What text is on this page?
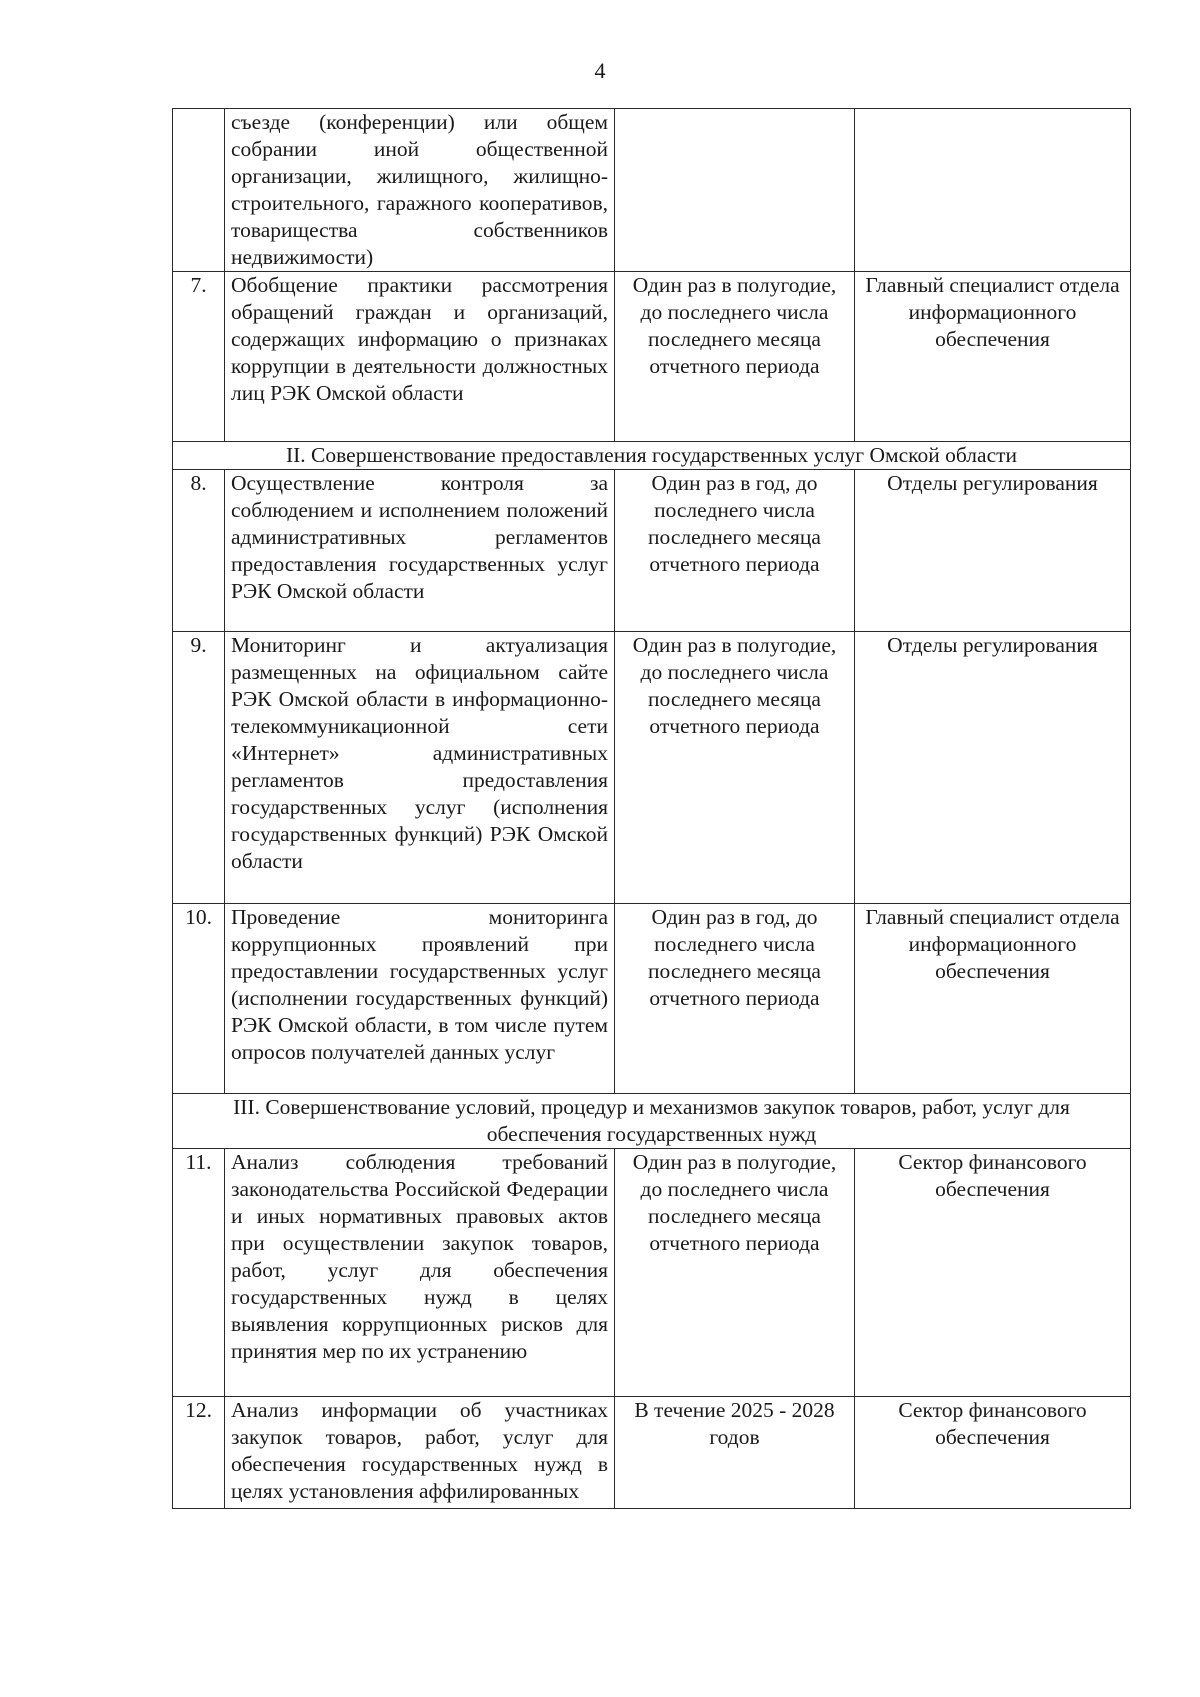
4
	съезде (конференции) или общем собрании иной общественной организации, жилищного, жилищно-строительного, гаражного кооперативов, товарищества собственников недвижимости)		
7.	Обобщение практики рассмотрения обращений граждан и организаций, содержащих информацию о признаках коррупции в деятельности должностных лиц РЭК Омской области	Один раз в полугодие, до последнего числа последнего месяца отчетного периода	Главный специалист отдела информационного обеспечения
II. Совершенствование предоставления государственных услуг Омской области			
8.	Осуществление контроля за соблюдением и исполнением положений административных регламентов предоставления государственных услуг РЭК Омской области	Один раз в год, до последнего числа последнего месяца отчетного периода	Отделы регулирования
9.	Мониторинг и актуализация размещенных на официальном сайте РЭК Омской области в информационно-телекоммуникационной сети «Интернет» административных регламентов предоставления государственных услуг (исполнения государственных функций) РЭК Омской области	Один раз в полугодие, до последнего числа последнего месяца отчетного периода	Отделы регулирования
10.	Проведение мониторинга коррупционных проявлений при предоставлении государственных услуг (исполнении государственных функций) РЭК Омской области, в том числе путем опросов получателей данных услуг	Один раз в год, до последнего числа последнего месяца отчетного периода	Главный специалист отдела информационного обеспечения
III. Совершенствование условий, процедур и механизмов закупок товаров, работ, услуг для обеспечения государственных нужд			
11.	Анализ соблюдения требований законодательства Российской Федерации и иных нормативных правовых актов при осуществлении закупок товаров, работ, услуг для обеспечения государственных нужд в целях выявления коррупционных рисков для принятия мер по их устранению	Один раз в полугодие, до последнего числа последнего месяца отчетного периода	Сектор финансового обеспечения
12.	Анализ информации об участниках закупок товаров, работ, услуг для обеспечения государственных нужд в целях установления аффилированных	В течение 2025 - 2028 годов	Сектор финансового обеспечения
